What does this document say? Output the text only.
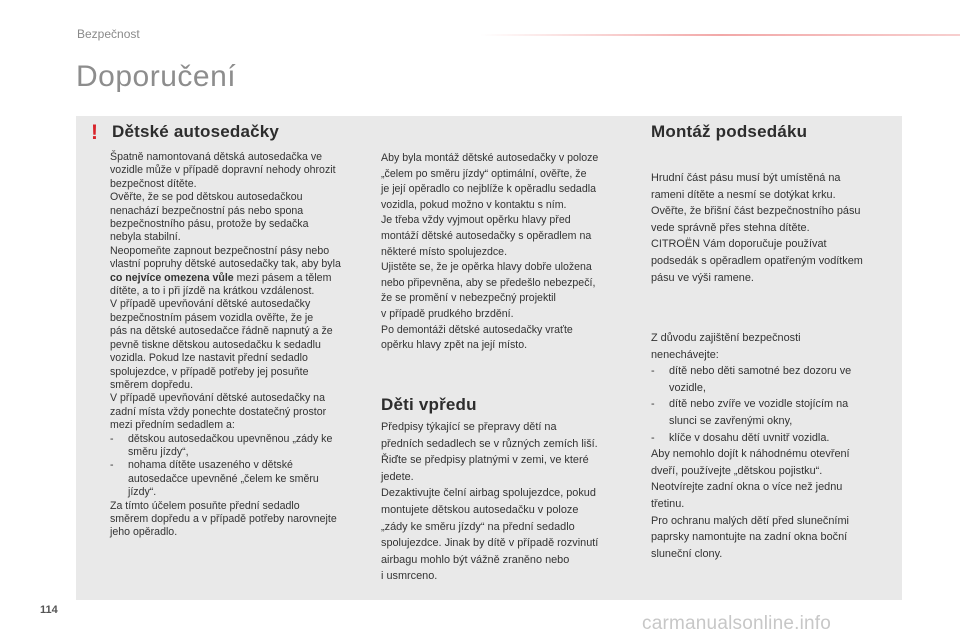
Bezpečnost
Doporučení
! Dětské autosedačky
Špatně namontovaná dětská autosedačka ve
vozidle může v případě dopravní nehody ohrozit
bezpečnost dítěte.
Ověřte, že se pod dětskou autosedačkou
nenachází bezpečnostní pás nebo spona
bezpečnostního pásu, protože by sedačka
nebyla stabilní.
Neopomeňte zapnout bezpečnostní pásy nebo
vlastní popruhy dětské autosedačky tak, aby byla
co nejvíce omezena vůle mezi pásem a tělem
dítěte, a to i při jízdě na krátkou vzdálenost.
V případě upevňování dětské autosedačky
bezpečnostním pásem vozidla ověřte, že je
pás na dětské autosedačce řádně napnutý a že
pevně tiskne dětskou autosedačku k sedadlu
vozidla. Pokud lze nastavit přední sedadlo
spolujezdce, v případě potřeby jej posuňte
směrem dopředu.
V případě upevňování dětské autosedačky na
zadní místa vždy ponechte dostatečný prostor
mezi předním sedadlem a:
- dětskou autosedačkou upevněnou „zády ke
směru jízdy“,
- nohama dítěte usazeného v dětské
autosedačce upevněné „čelem ke směru
jízdy“.
Za tímto účelem posuňte přední sedadlo
směrem dopředu a v případě potřeby narovnejte
jeho opěradlo.
Aby byla montáž dětské autosedačky v poloze
„čelem po směru jízdy“ optimální, ověřte, že
je její opěradlo co nejblíže k opěradlu sedadla
vozidla, pokud možno v kontaktu s ním.
Je třeba vždy vyjmout opěrku hlavy před
montáží dětské autosedačky s opěradlem na
některé místo spolujezdce.
Ujistěte se, že je opěrka hlavy dobře uložena
nebo připevněna, aby se předešlo nebezpečí,
že se promění v nebezpečný projektil
v případě prudkého brzdění.
Po demontáži dětské autosedačky vraťte
opěrku hlavy zpět na její místo.
Děti vpředu
Předpisy týkající se přepravy dětí na
předních sedadlech se v různých zemích liší.
Řiďte se předpisy platnými v zemi, ve které
jedete.
Dezaktivujte čelní airbag spolujezdce, pokud
montujete dětskou autosedačku v poloze
„zády ke směru jízdy“ na přední sedadlo
spolujezdce. Jinak by dítě v případě rozvinutí
airbagu mohlo být vážně zraněno nebo
i usmrceno.
Montáž podsedáku
Hrudní část pásu musí být umístěná na
rameni dítěte a nesmí se dotýkat krku.
Ověřte, že břišní část bezpečnostního pásu
vede správně přes stehna dítěte.
CITROËN Vám doporučuje používat
podsedák s opěradlem opatřeným vodítkem
pásu ve výši ramene.
Z důvodu zajištění bezpečnosti
nenechávejte:
- dítě nebo děti samotné bez dozoru ve
vozidle,
- dítě nebo zvíře ve vozidle stojícím na
slunci se zavřenými okny,
- klíče v dosahu dětí uvnitř vozidla.
Aby nemohlo dojít k náhodnému otevření
dveří, používejte „dětskou pojistku“.
Neotvírejte zadní okna o více než jednu
třetinu.
Pro ochranu malých dětí před slunečními
paprsky namontujte na zadní okna boční
sluneční clony.
114
carmanualsonline.info
